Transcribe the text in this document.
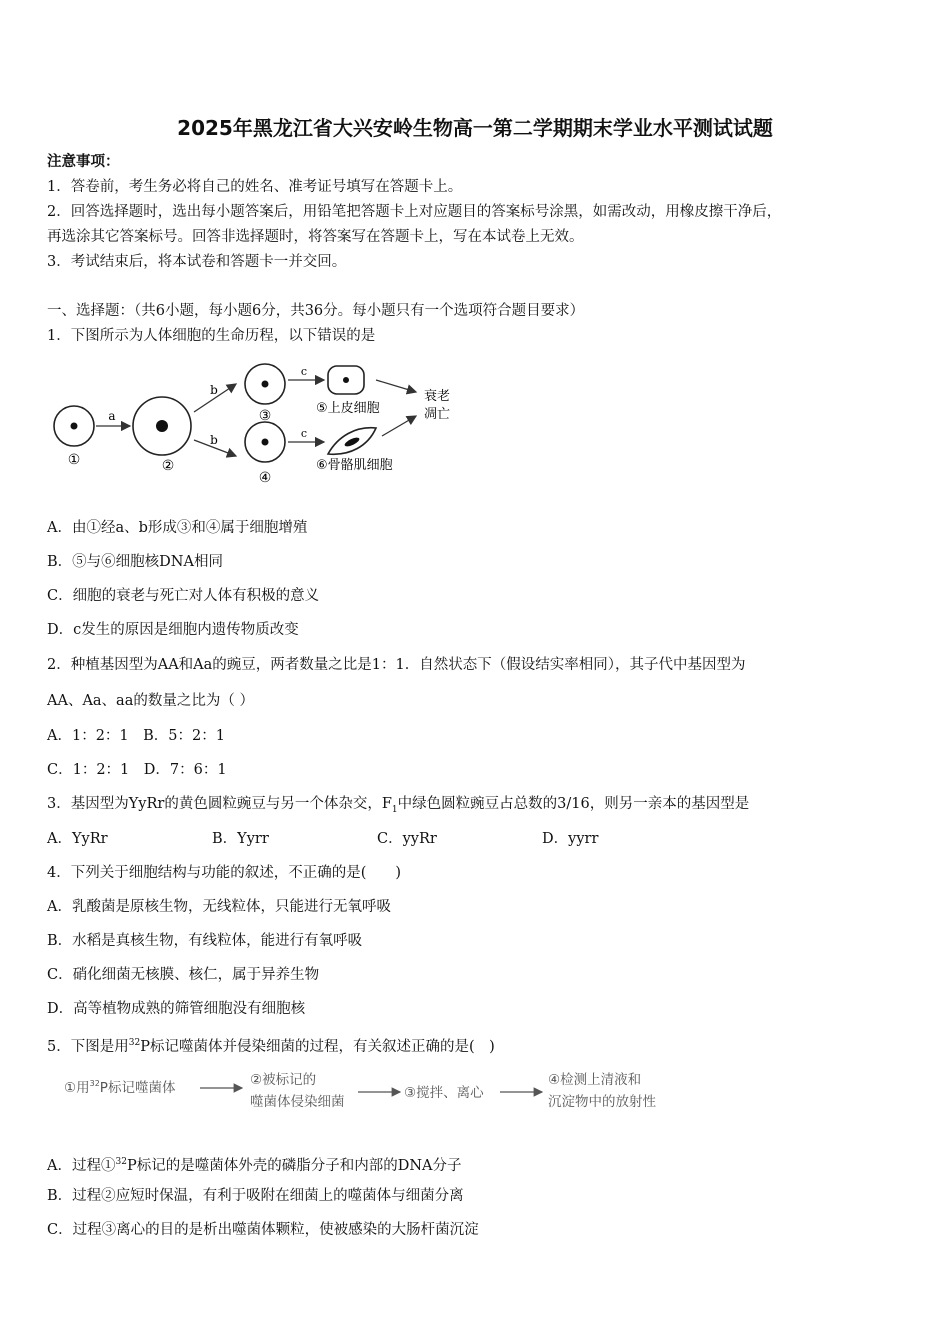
2025年黑龙江省大兴安岭生物高一第二学期期末学业水平测试试题
注意事项：
1．答卷前，考生务必将自己的姓名、准考证号填写在答题卡上。
2．回答选择题时，选出每小题答案后，用铅笔把答题卡上对应题目的答案标号涂黑，如需改动，用橡皮擦干净后，
再选涂其它答案标号。回答非选择题时，将答案写在答题卡上，写在本试卷上无效。
3．考试结束后，将本试卷和答题卡一并交回。
一、选择题：（共6小题，每小题6分，共36分。每小题只有一个选项符合题目要求）
1．下图所示为人体细胞的生命历程，以下错误的是
①
a
②
b
b
③
④
c
c
⑤上皮细胞
⑥骨骼肌细胞
衰老
凋亡
A．由①经a、b形成③和④属于细胞增殖
B．⑤与⑥细胞核DNA相同
C．细胞的衰老与死亡对人体有积极的意义
D．c发生的原因是细胞内遗传物质改变
2．种植基因型为AA和Aa的豌豆，两者数量之比是1：1．自然状态下（假设结实率相同），其子代中基因型为
AA、Aa、aa的数量之比为（ ）
A．1：2：1　B．5：2：1
C．1：2：1　D．7：6：1
3．基因型为YyRr的黄色圆粒豌豆与另一个体杂交，$F_1$中绿色圆粒豌豆占总数的3/16，则另一亲本的基因型是
A．YyRr	B．Yyrr	C．yyRr	D．yyrr
4．下列关于细胞结构与功能的叙述，不正确的是(　　)
A．乳酸菌是原核生物，无线粒体，只能进行无氧呼吸
B．水稻是真核生物，有线粒体，能进行有氧呼吸
C．硝化细菌无核膜、核仁，属于异养生物
D．高等植物成熟的筛管细胞没有细胞核
5．下图是用$^{32}$P标记噬菌体并侵染细菌的过程，有关叙述正确的是(　)
①用$^{32}$P标记噬菌体	②被标记的
噬菌体侵染细菌
③搅拌、离心
④检测上清液和
沉淀物中的放射性
A．过程①$^{32}$P标记的是噬菌体外壳的磷脂分子和内部的DNA分子
B．过程②应短时保温，有利于吸附在细菌上的噬菌体与细菌分离
C．过程③离心的目的是析出噬菌体颗粒，使被感染的大肠杆菌沉淀
